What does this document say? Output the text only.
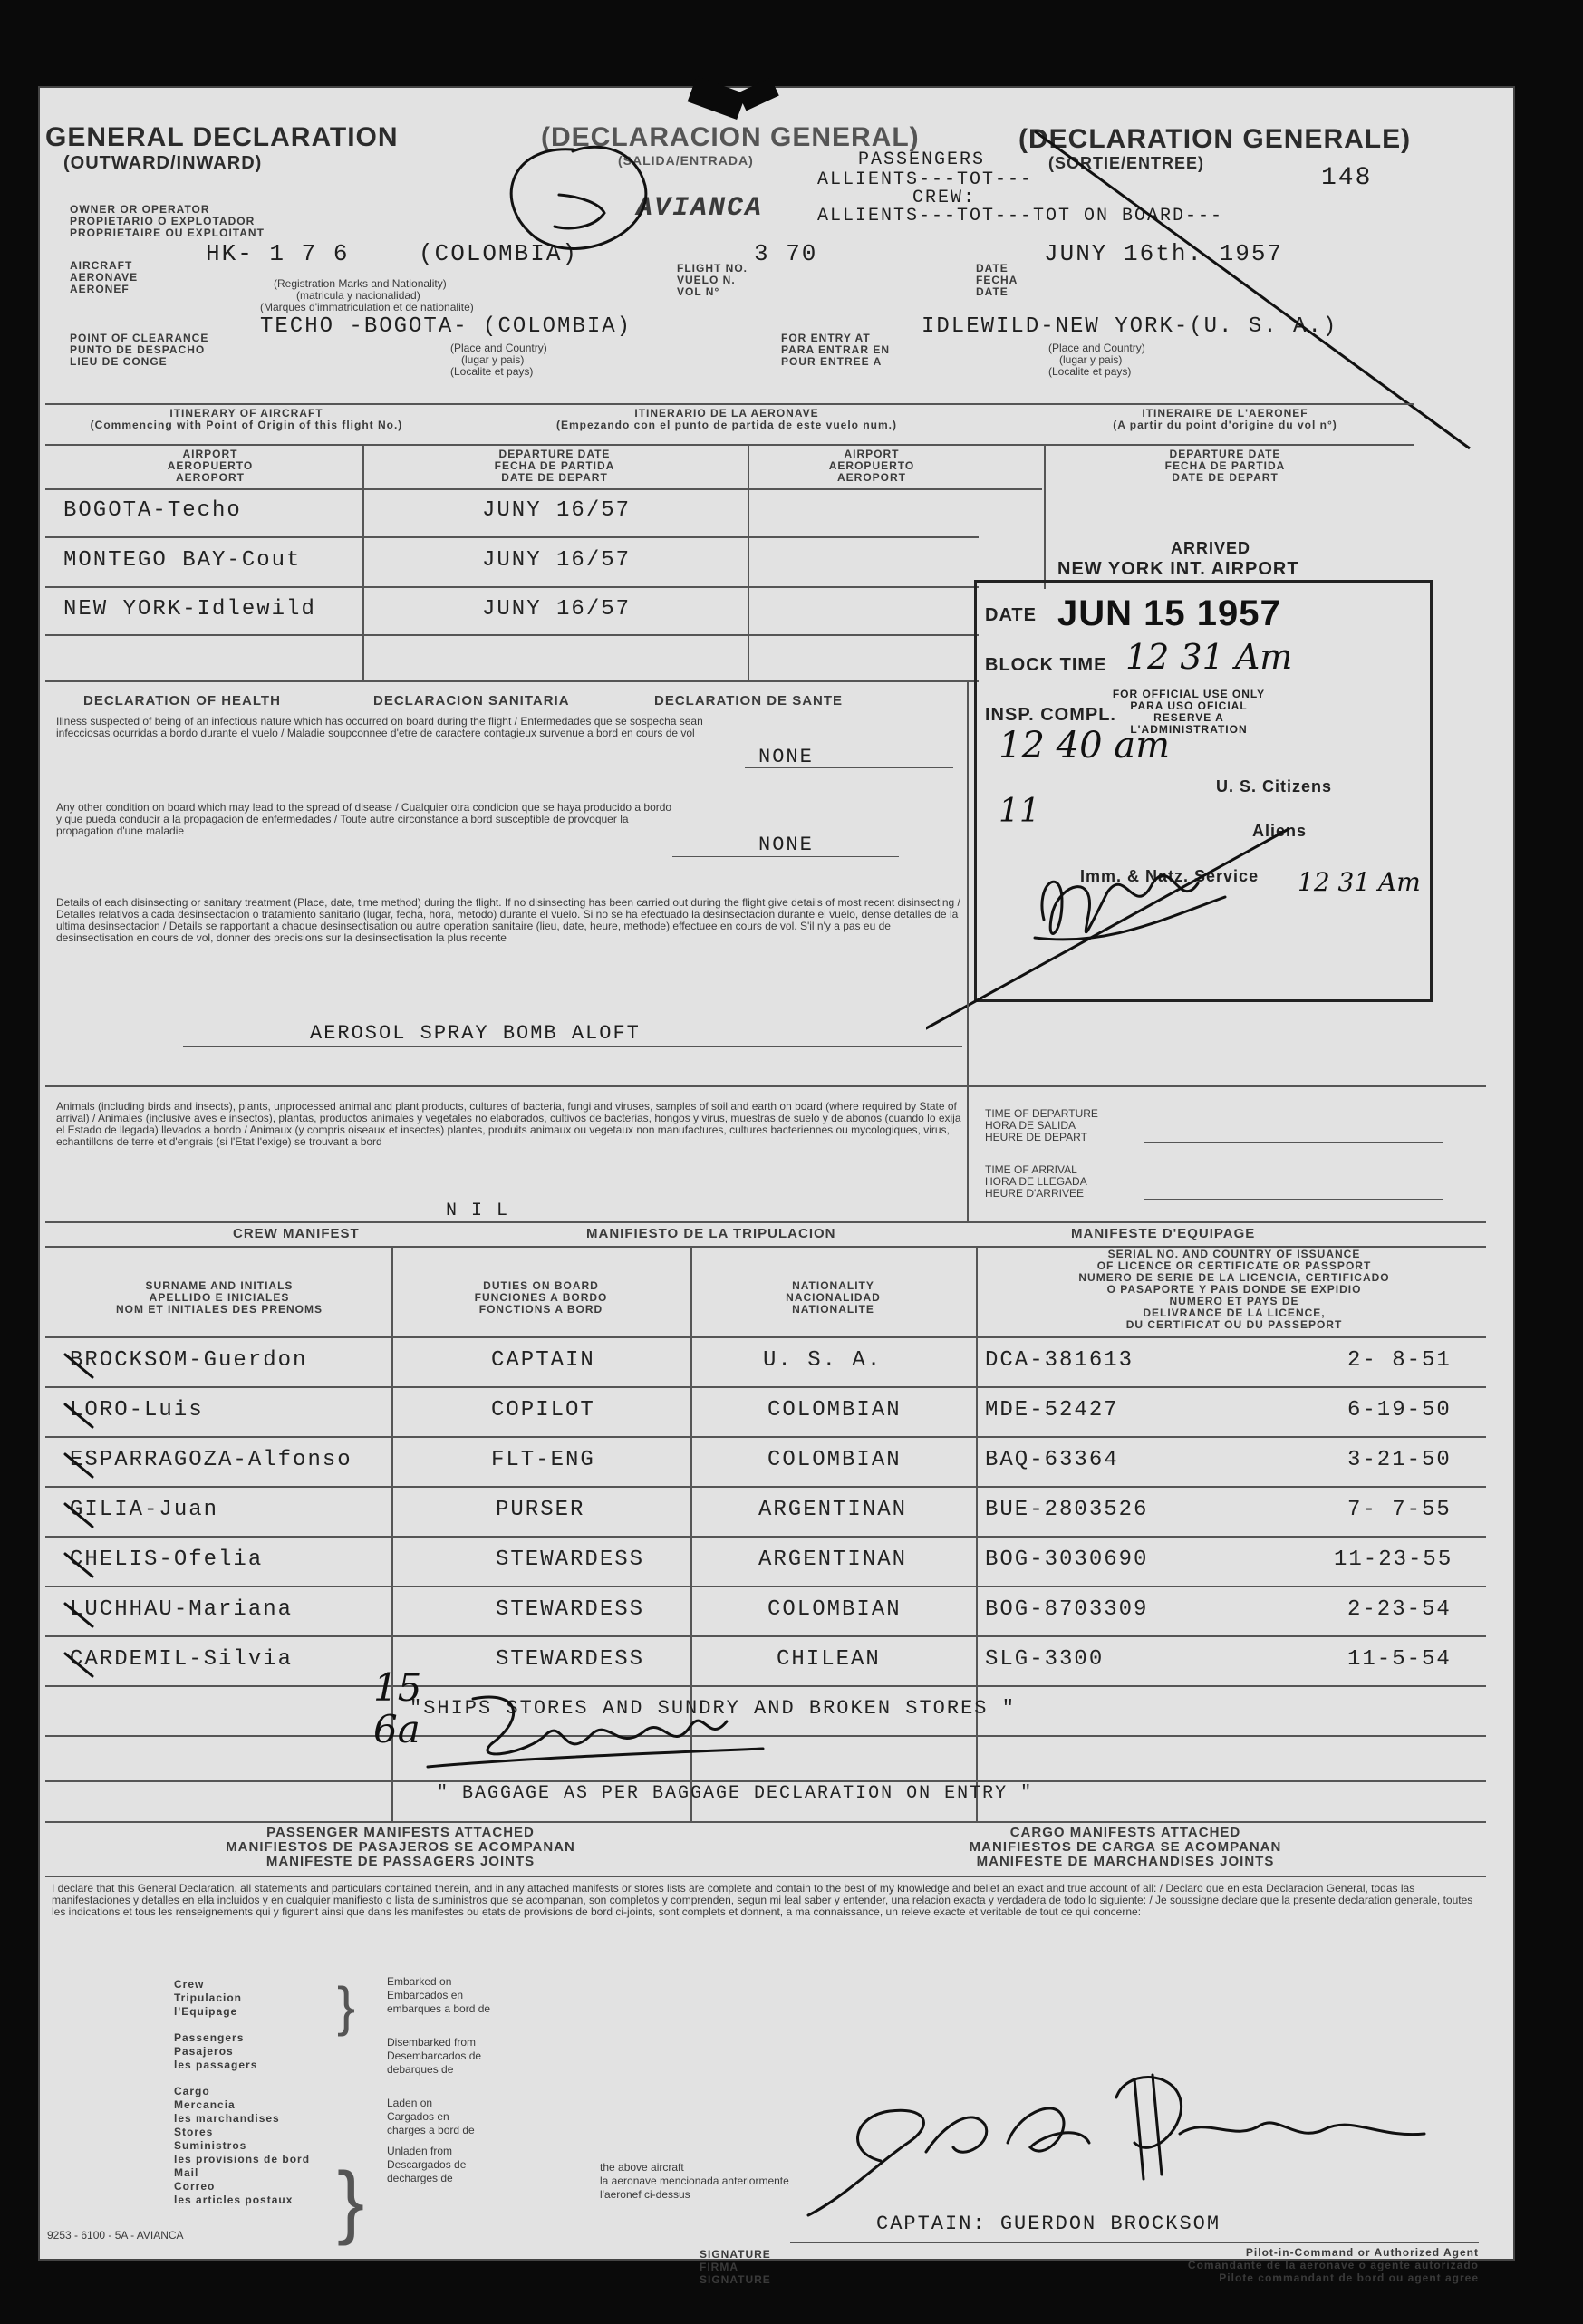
GENERAL DECLARATION
(OUTWARD/INWARD)
(DECLARACION GENERAL)
(SALIDA/ENTRADA)
(DECLARATION GENERALE)
(SORTIE/ENTREE)
148
PASSENGERS
ALLIENTS---TOT---
CREW:
ALLIENTS---TOT---TOT ON BOARD---
OWNER OR OPERATOR
PROPIETARIO O EXPLOTADOR
PROPRIETAIRE OU EXPLOITANT
AVIANCA
AIRCRAFT
AERONAVE
AERONEF
HK- 1 7 6	(COLOMBIA)
(Registration Marks and Nationality)
(matricula y nacionalidad)
(Marques d'immatriculation et de nationalite)
FLIGHT NO.
VUELO N.
VOL N°
3 70
DATE
FECHA
DATE
JUNY 16th. 1957
POINT OF CLEARANCE
PUNTO DE DESPACHO
LIEU DE CONGE
TECHO -BOGOTA- (COLOMBIA)
(Place and Country)
(lugar y pais)
(Localite et pays)
FOR ENTRY AT
PARA ENTRAR EN
POUR ENTREE A
IDLEWILD-NEW YORK-(U. S. A.)
(Place and Country)
(lugar y pais)
(Localite et pays)
ITINERARY OF AIRCRAFT
(Commencing with Point of Origin of this flight No.)
ITINERARIO DE LA AERONAVE
(Empezando con el punto de partida de este vuelo num.)
ITINERAIRE DE L'AERONEF
(A partir du point d'origine du vol n°)
AIRPORT
AEROPUERTO
AEROPORT
DEPARTURE DATE
FECHA DE PARTIDA
DATE DE DEPART
AIRPORT
AEROPUERTO
AEROPORT
DEPARTURE DATE
FECHA DE PARTIDA
DATE DE DEPART
BOGOTA-Techo	JUNY 16/57
MONTEGO BAY-Cout	JUNY 16/57
NEW YORK-Idlewild	JUNY 16/57
ARRIVED
NEW YORK INT. AIRPORT
DATE JUN 15 1957
BLOCK TIME 12 31 Am
INSP. COMPL.
FOR OFFICIAL USE ONLY
PARA USO OFICIAL
RESERVE A L'ADMINISTRATION
12 40 am
U. S. Citizens
11
Aliens
Imm. & Natz. Service 12 31 Am
DECLARATION OF HEALTH	DECLARACION SANITARIA	DECLARATION DE SANTE
Illness suspected of being of an infectious nature which has occurred on board during the flight / Enfermedades que se sospecha sean infecciosas ocurridas a bordo durante el vuelo / Maladie soupconnee d'etre de caractere contagieux survenue a bord en cours de vol
NONE
Any other condition on board which may lead to the spread of disease / Cualquier otra condicion que se haya producido a bordo y que pueda conducir a la propagacion de enfermedades / Toute autre circonstance a bord susceptible de provoquer la propagation d'une maladie
NONE
Details of each disinsecting or sanitary treatment (Place, date, time method) during the flight. If no disinsecting has been carried out during the flight give details of most recent disinsecting / Detalles relativos a cada desinsectacion o tratamiento sanitario (lugar, fecha, hora, metodo) durante el vuelo. Si no se ha efectuado la desinsectacion durante el vuelo, dense detalles de la ultima desinsectacion / Details se rapportant a chaque desinsectisation ou autre operation sanitaire (lieu, date, heure, methode) effectuee en cours de vol. S'il n'y a pas eu de desinsectisation en cours de vol, donner des precisions sur la desinsectisation la plus recente
AEROSOL SPRAY BOMB ALOFT
Animals (including birds and insects), plants, unprocessed animal and plant products, cultures of bacteria, fungi and viruses, samples of soil and earth on board (where required by State of arrival) / Animales (inclusive aves e insectos), plantas, productos animales y vegetales no elaborados, cultivos de bacterias, hongos y virus, muestras de suelo y de abonos (cuando lo exija el Estado de llegada) llevados a bordo / Animaux (y compris oiseaux et insectes) plantes, produits animaux ou vegetaux non manufactures, cultures bacteriennes ou mycologiques, virus, echantillons de terre et d'engrais (si l'Etat l'exige) se trouvant a bord
N I L
TIME OF DEPARTURE
HORA DE SALIDA
HEURE DE DEPART
TIME OF ARRIVAL
HORA DE LLEGADA
HEURE D'ARRIVEE
CREW MANIFEST	MANIFIESTO DE LA TRIPULACION	MANIFESTE D'EQUIPAGE
SURNAME AND INITIALS
APELLIDO E INICIALES
NOM ET INITIALES DES PRENOMS
DUTIES ON BOARD
FUNCIONES A BORDO
FONCTIONS A BORD
NATIONALITY
NACIONALIDAD
NATIONALITE
SERIAL NO. AND COUNTRY OF ISSUANCE
OF LICENCE OR CERTIFICATE OR PASSPORT
NUMERO DE SERIE DE LA LICENCIA, CERTIFICADO
O PASAPORTE Y PAIS DONDE SE EXPIDIO
NUMERO ET PAYS DE
DELIVRANCE DE LA LICENCE,
DU CERTIFICAT OU DU PASSEPORT
BROCKSOM-Guerdon	CAPTAIN	U. S. A.	DCA-381613	2- 8-51
LORO-Luis	COPILOT	COLOMBIAN	MDE-52427	6-19-50
ESPARRAGOZA-Alfonso	FLT-ENG	COLOMBIAN	BAQ-63364	3-21-50
GILIA-Juan	PURSER	ARGENTINAN	BUE-2803526	7- 7-55
CHELIS-Ofelia	STEWARDESS	ARGENTINAN	BOG-3030690	11-23-55
LUCHHAU-Mariana	STEWARDESS	COLOMBIAN	BOG-8703309	2-23-54
CARDEMIL-Silvia	STEWARDESS	CHILEAN	SLG-3300	11-5-54
"SHIPS STORES AND SUNDRY AND BROKEN STORES "
" BAGGAGE AS PER BAGGAGE DECLARATION ON ENTRY "
15 6a
PASSENGER MANIFESTS ATTACHED
MANIFIESTOS DE PASAJEROS SE ACOMPANAN
MANIFESTE DE PASSAGERS JOINTS
CARGO MANIFESTS ATTACHED
MANIFIESTOS DE CARGA SE ACOMPANAN
MANIFESTE DE MARCHANDISES JOINTS
I declare that this General Declaration, all statements and particulars contained therein, and in any attached manifests or stores lists are complete and contain to the best of my knowledge and belief an exact and true account of all: / Declaro que en esta Declaracion General, todas las manifestaciones y detalles en ella incluidos y en cualquier manifiesto o lista de suministros que se acompanan, son completos y comprenden, segun mi leal saber y entender, una relacion exacta y verdadera de todo lo siguiente: / Je soussigne declare que la presente declaration generale, toutes les indications et tous les renseignements qui y figurent ainsi que dans les manifestes ou etats de provisions de bord ci-joints, sont complets et donnent, a ma connaissance, un releve exacte et veritable de tout ce qui concerne:
Crew
Tripulacion
l'Equipage
Passengers
Pasajeros
les passagers
Cargo
Mercancia
les marchandises
Stores
Suministros
les provisions de bord
Mail
Correo
les articles postaux
}
}
Embarked on
Embarcados en
embarques a bord de
Disembarked from
Desembarcados de
debarques de
Laden on
Cargados en
charges a bord de
Unladen from
Descargados de
decharges de
the above aircraft
la aeronave mencionada anteriormente
l'aeronef ci-dessus
SIGNATURE
FIRMA
SIGNATURE
CAPTAIN: GUERDON BROCKSOM
Pilot-in-Command or Authorized Agent
Comandante de la aeronave o agente autorizado
Pilote commandant de bord ou agent agree
9253 - 6100 - 5A - AVIANCA
